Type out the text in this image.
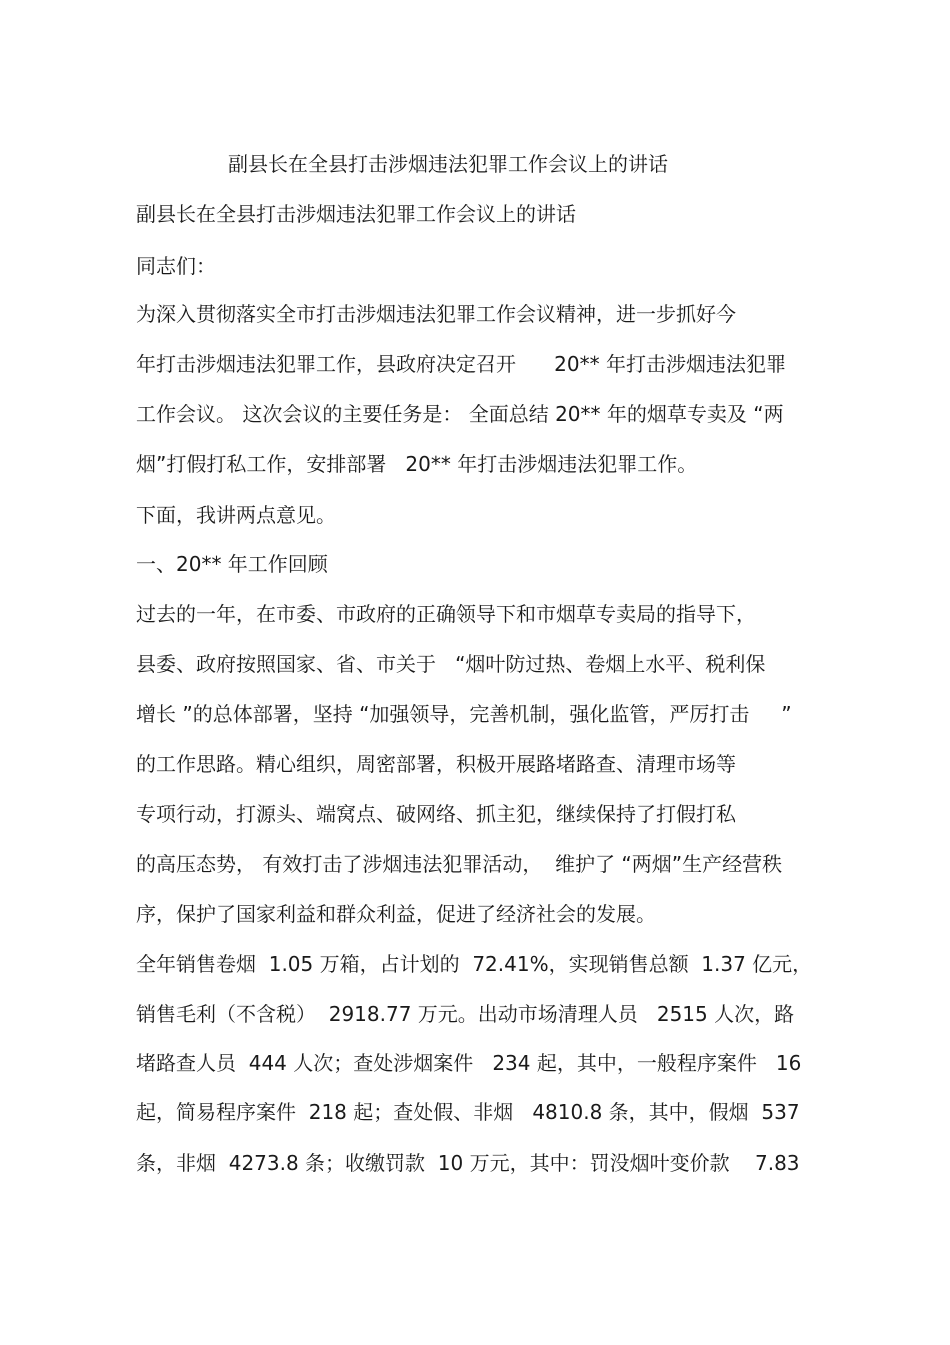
副县长在全县打击涉烟违法犯罪工作会议上的讲话
副县长在全县打击涉烟违法犯罪工作会议上的讲话
同志们：
为深入贯彻落实全市打击涉烟违法犯罪工作会议精神，进一步抓好今
年打击涉烟违法犯罪工作，县政府决定召开      20** 年打击涉烟违法犯罪
工作会议。 这次会议的主要任务是： 全面总结 20** 年的烟草专卖及 “两
烟”打假打私工作，安排部署   20** 年打击涉烟违法犯罪工作。
下面，我讲两点意见。
一、20** 年工作回顾
过去的一年，在市委、市政府的正确领导下和市烟草专卖局的指导下，
县委、政府按照国家、省、市关于   “烟叶防过热、卷烟上水平、税利保
增长 ”的总体部署，坚持 “加强领导，完善机制，强化监管，严厉打击     ”
的工作思路。精心组织，周密部署，积极开展路堵路查、清理市场等
专项行动，打源头、端窝点、破网络、抓主犯，继续保持了打假打私
的高压态势， 有效打击了涉烟违法犯罪活动，  维护了 “两烟”生产经营秩
序，保护了国家利益和群众利益，促进了经济社会的发展。
全年销售卷烟  1.05 万箱，占计划的  72.41%，实现销售总额  1.37 亿元，
销售毛利（不含税）  2918.77 万元。出动市场清理人员   2515 人次，路
堵路查人员  444 人次；查处涉烟案件   234 起，其中，一般程序案件   16
起，简易程序案件  218 起；查处假、非烟   4810.8 条，其中，假烟  537
条，非烟  4273.8 条；收缴罚款  10 万元，其中：罚没烟叶变价款    7.83
